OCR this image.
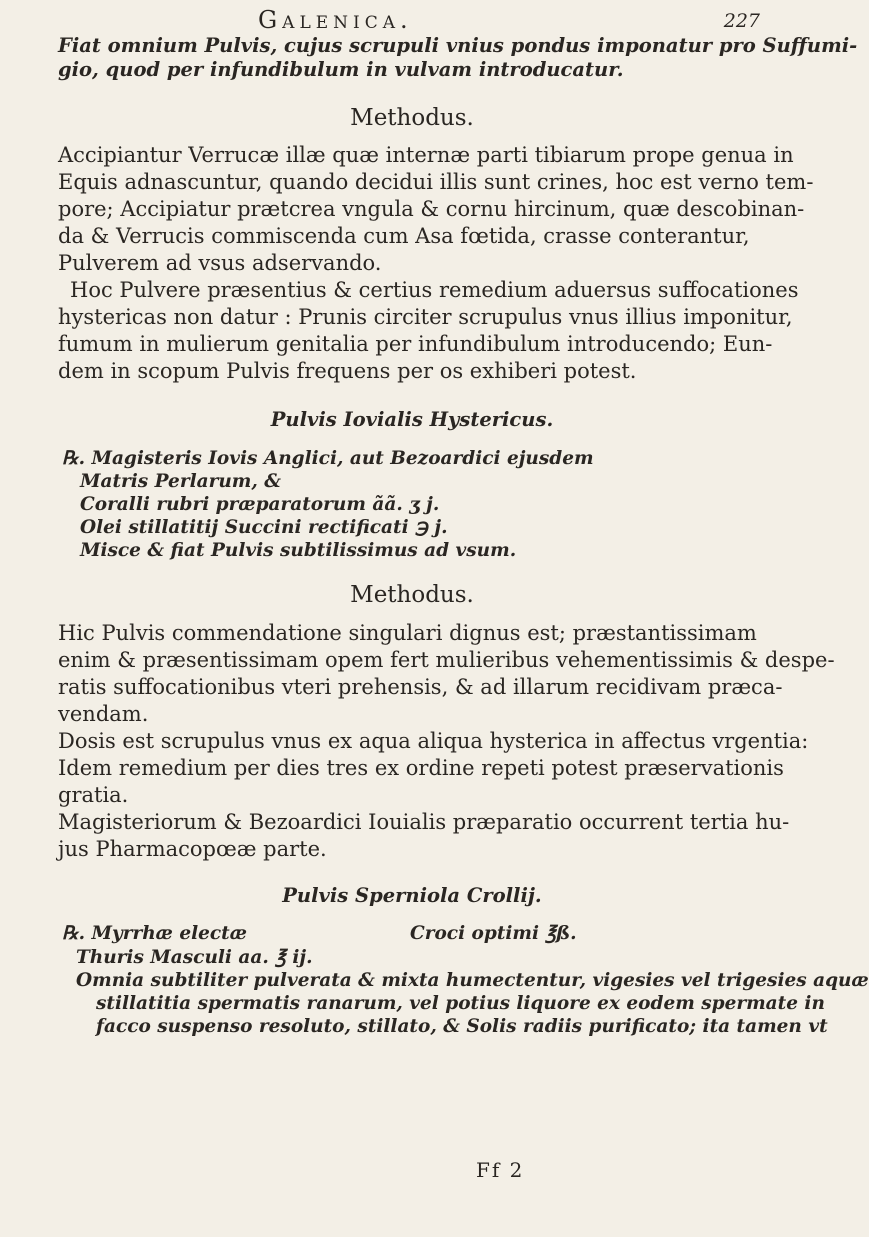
Galenica.	227
Fiat omnium Pulvis, cujus scrupuli vnius pondus imponatur pro Suffumi-
gio, quod per infundibulum in vulvam introducatur.
Methodus.
Accipiantur Verrucæ illæ quæ internæ parti tibiarum prope genua in
Equis adnascuntur, quando decidui illis sunt crines, hoc est verno tem-
pore; Accipiatur prætcrea vngula & cornu hircinum, quæ descobinan-
da & Verrucis commiscenda cum Asa fœtida, crasse conterantur,
Pulverem ad vsus adservando.
Hoc Pulvere præsentius & certius remedium aduersus suffocationes
hystericas non datur : Prunis circiter scrupulus vnus illius imponitur,
fumum in mulierum genitalia per infundibulum introducendo; Eun-
dem in scopum Pulvis frequens per os exhiberi potest.
Pulvis Iovialis Hystericus.
℞. Magisteris Iovis Anglici, aut Bezoardici ejusdem
Matris Perlarum, &
Coralli rubri præparatorum ãã. ʒ j.
Olei stillatitij Succini rectificati ℈ j.
Misce & fiat Pulvis subtilissimus ad vsum.
Methodus.
Hic Pulvis commendatione singulari dignus est; præstantissimam
enim & præsentissimam opem fert mulieribus vehementissimis & despe-
ratis suffocationibus vteri prehensis, & ad illarum recidivam præca-
vendam.
Dosis est scrupulus vnus ex aqua aliqua hysterica in affectus vrgentia:
Idem remedium per dies tres ex ordine repeti potest præservationis
gratia.
Magisteriorum & Bezoardici Iouialis præparatio occurrent tertia hu-
jus Pharmacopœæ parte.
Pulvis Sperniola Crollij.
℞. Myrrhæ electæ	Croci optimi ℥ß.
Thuris Masculi aa. ℥ ij.
Omnia subtiliter pulverata & mixta humectentur, vigesies vel trigesies aquæ
stillatitia spermatis ranarum, vel potius liquore ex eodem spermate in
facco suspenso resoluto, stillato, & Solis radiis purificato; ita tamen vt
Ff 2
